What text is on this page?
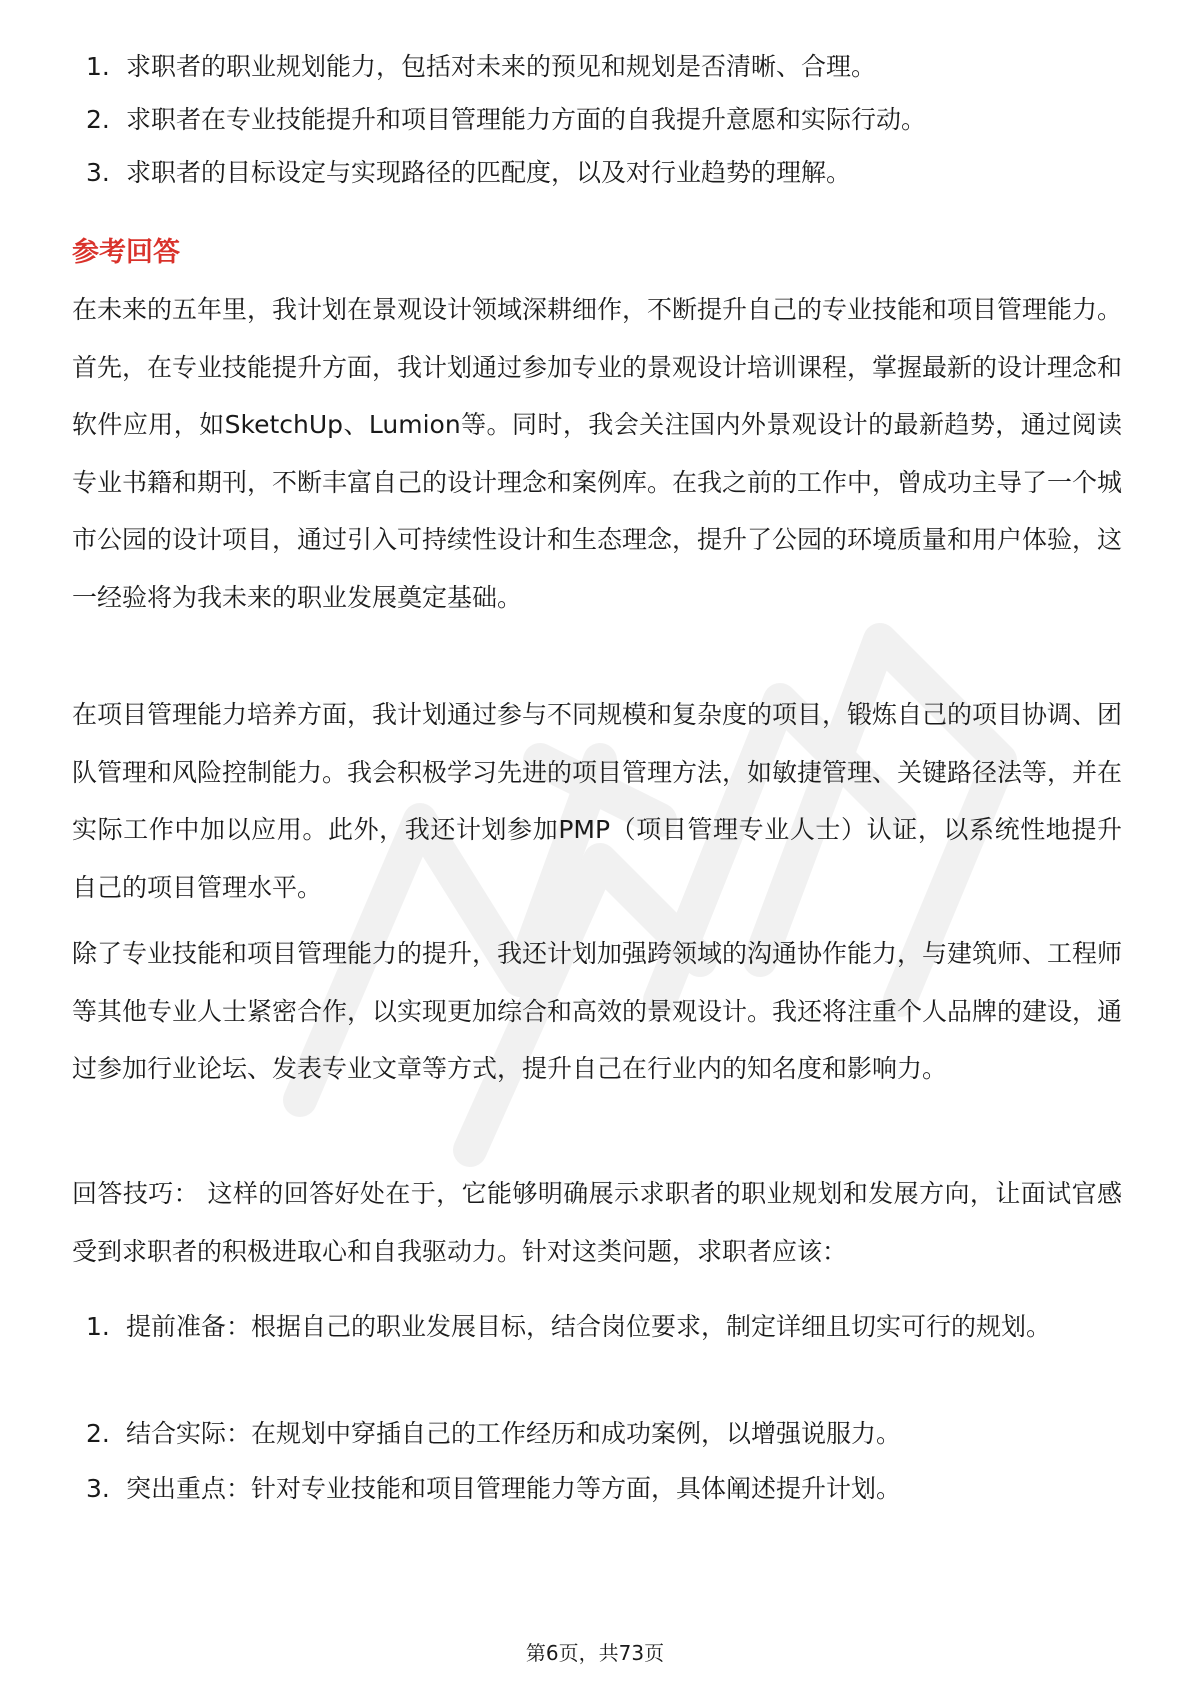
1. 求职者的职业规划能力，包括对未来的预见和规划是否清晰、合理。
2. 求职者在专业技能提升和项目管理能力方面的自我提升意愿和实际行动。
3. 求职者的目标设定与实现路径的匹配度，以及对行业趋势的理解。
参考回答
在未来的五年里，我计划在景观设计领域深耕细作，不断提升自己的专业技能和项目管理能力。首先，在专业技能提升方面，我计划通过参加专业的景观设计培训课程，掌握最新的设计理念和软件应用，如SketchUp、Lumion等。同时，我会关注国内外景观设计的最新趋势，通过阅读专业书籍和期刊，不断丰富自己的设计理念和案例库。在我之前的工作中，曾成功主导了一个城市公园的设计项目，通过引入可持续性设计和生态理念，提升了公园的环境质量和用户体验，这一经验将为我未来的职业发展奠定基础。
在项目管理能力培养方面，我计划通过参与不同规模和复杂度的项目，锻炼自己的项目协调、团队管理和风险控制能力。我会积极学习先进的项目管理方法，如敏捷管理、关键路径法等，并在实际工作中加以应用。此外，我还计划参加PMP（项目管理专业人士）认证，以系统性地提升自己的项目管理水平。
除了专业技能和项目管理能力的提升，我还计划加强跨领域的沟通协作能力，与建筑师、工程师等其他专业人士紧密合作，以实现更加综合和高效的景观设计。我还将注重个人品牌的建设，通过参加行业论坛、发表专业文章等方式，提升自己在行业内的知名度和影响力。
回答技巧： 这样的回答好处在于，它能够明确展示求职者的职业规划和发展方向，让面试官感受到求职者的积极进取心和自我驱动力。针对这类问题，求职者应该：
1. 提前准备：根据自己的职业发展目标，结合岗位要求，制定详细且切实可行的规划。
2. 结合实际：在规划中穿插自己的工作经历和成功案例，以增强说服力。
3. 突出重点：针对专业技能和项目管理能力等方面，具体阐述提升计划。
第6页，共73页
